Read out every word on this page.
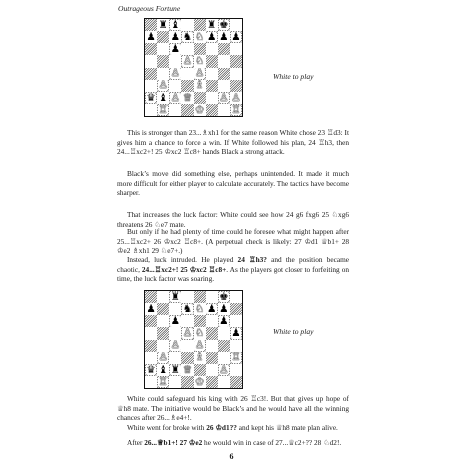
Outrageous Fortune
♜ ♝	♜ ♚
♟ ♟ ♞ ♘ ♟ ♟ ♟
♟
♙ ♘
♙ ♙
♙	♗
♛ ♝ ♙ ♕	♙ ♙
♖	♔	♖
White to play

This is stronger than 23...♗xh1 for the same reason White chose 23 ♖d3: It gives him a chance to force a win. If White followed his plan, 24 ♖h3, then 24...♖xc2+! 25 ♔xc2 ♖c8+ hands Black a strong attack.

Black’s move did something else, perhaps unintended. It made it much more difficult for either player to calculate accurately. The tactics have become sharper.

That increases the luck factor: White could see how 24 g6 fxg6 25 ♘xg6 threatens 26 ♘e7 mate.

But only if he had plenty of time could he foresee what might happen after 25...♖xc2+ 26 ♔xc2 ♖c8+. (A perpetual check is likely: 27 ♔d1 ♕b1+ 28 ♔e2 ♗xh1 29 ♘e7+.)

Instead, luck intruded. He played 24 ♖h3? and the position became chaotic, 24...♖xc2+! 25 ♔xc2 ♖c8+. As the players got closer to forfeiting on time, the luck factor was soaring.

♜	♚
♟	♞ ♘ ♟ ♟
♟	♟
♙ ♘	♟
♙ ♙
♙	♗	♖
♛ ♝ ♜ ♕	♙
♖	♔
White to play

White could safeguard his king with 26 ♖c3!. But that gives up hope of ♕h8 mate. The initiative would be Black’s and he would have all the winning chances after 26...♗e4+!.

White went for broke with 26 ♔d1?? and kept his ♕h8 mate plan alive.

After 26...♕b1+! 27 ♔e2 he would win in case of 27...♕c2+?? 28 ♘d2!.

6
